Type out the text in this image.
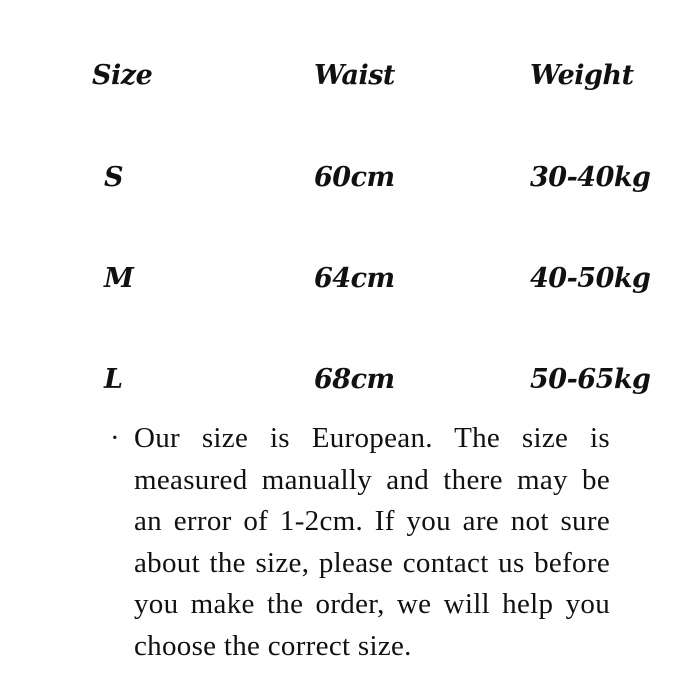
Size	Waist	Weight
S	60cm	30-40kg
M	64cm	40-50kg
L	68cm	50-65kg
· Our size is European. The size is measured manually and there may be an error of 1-2cm. If you are not sure about the size, please contact us before you make the order, we will help you choose the correct size.
